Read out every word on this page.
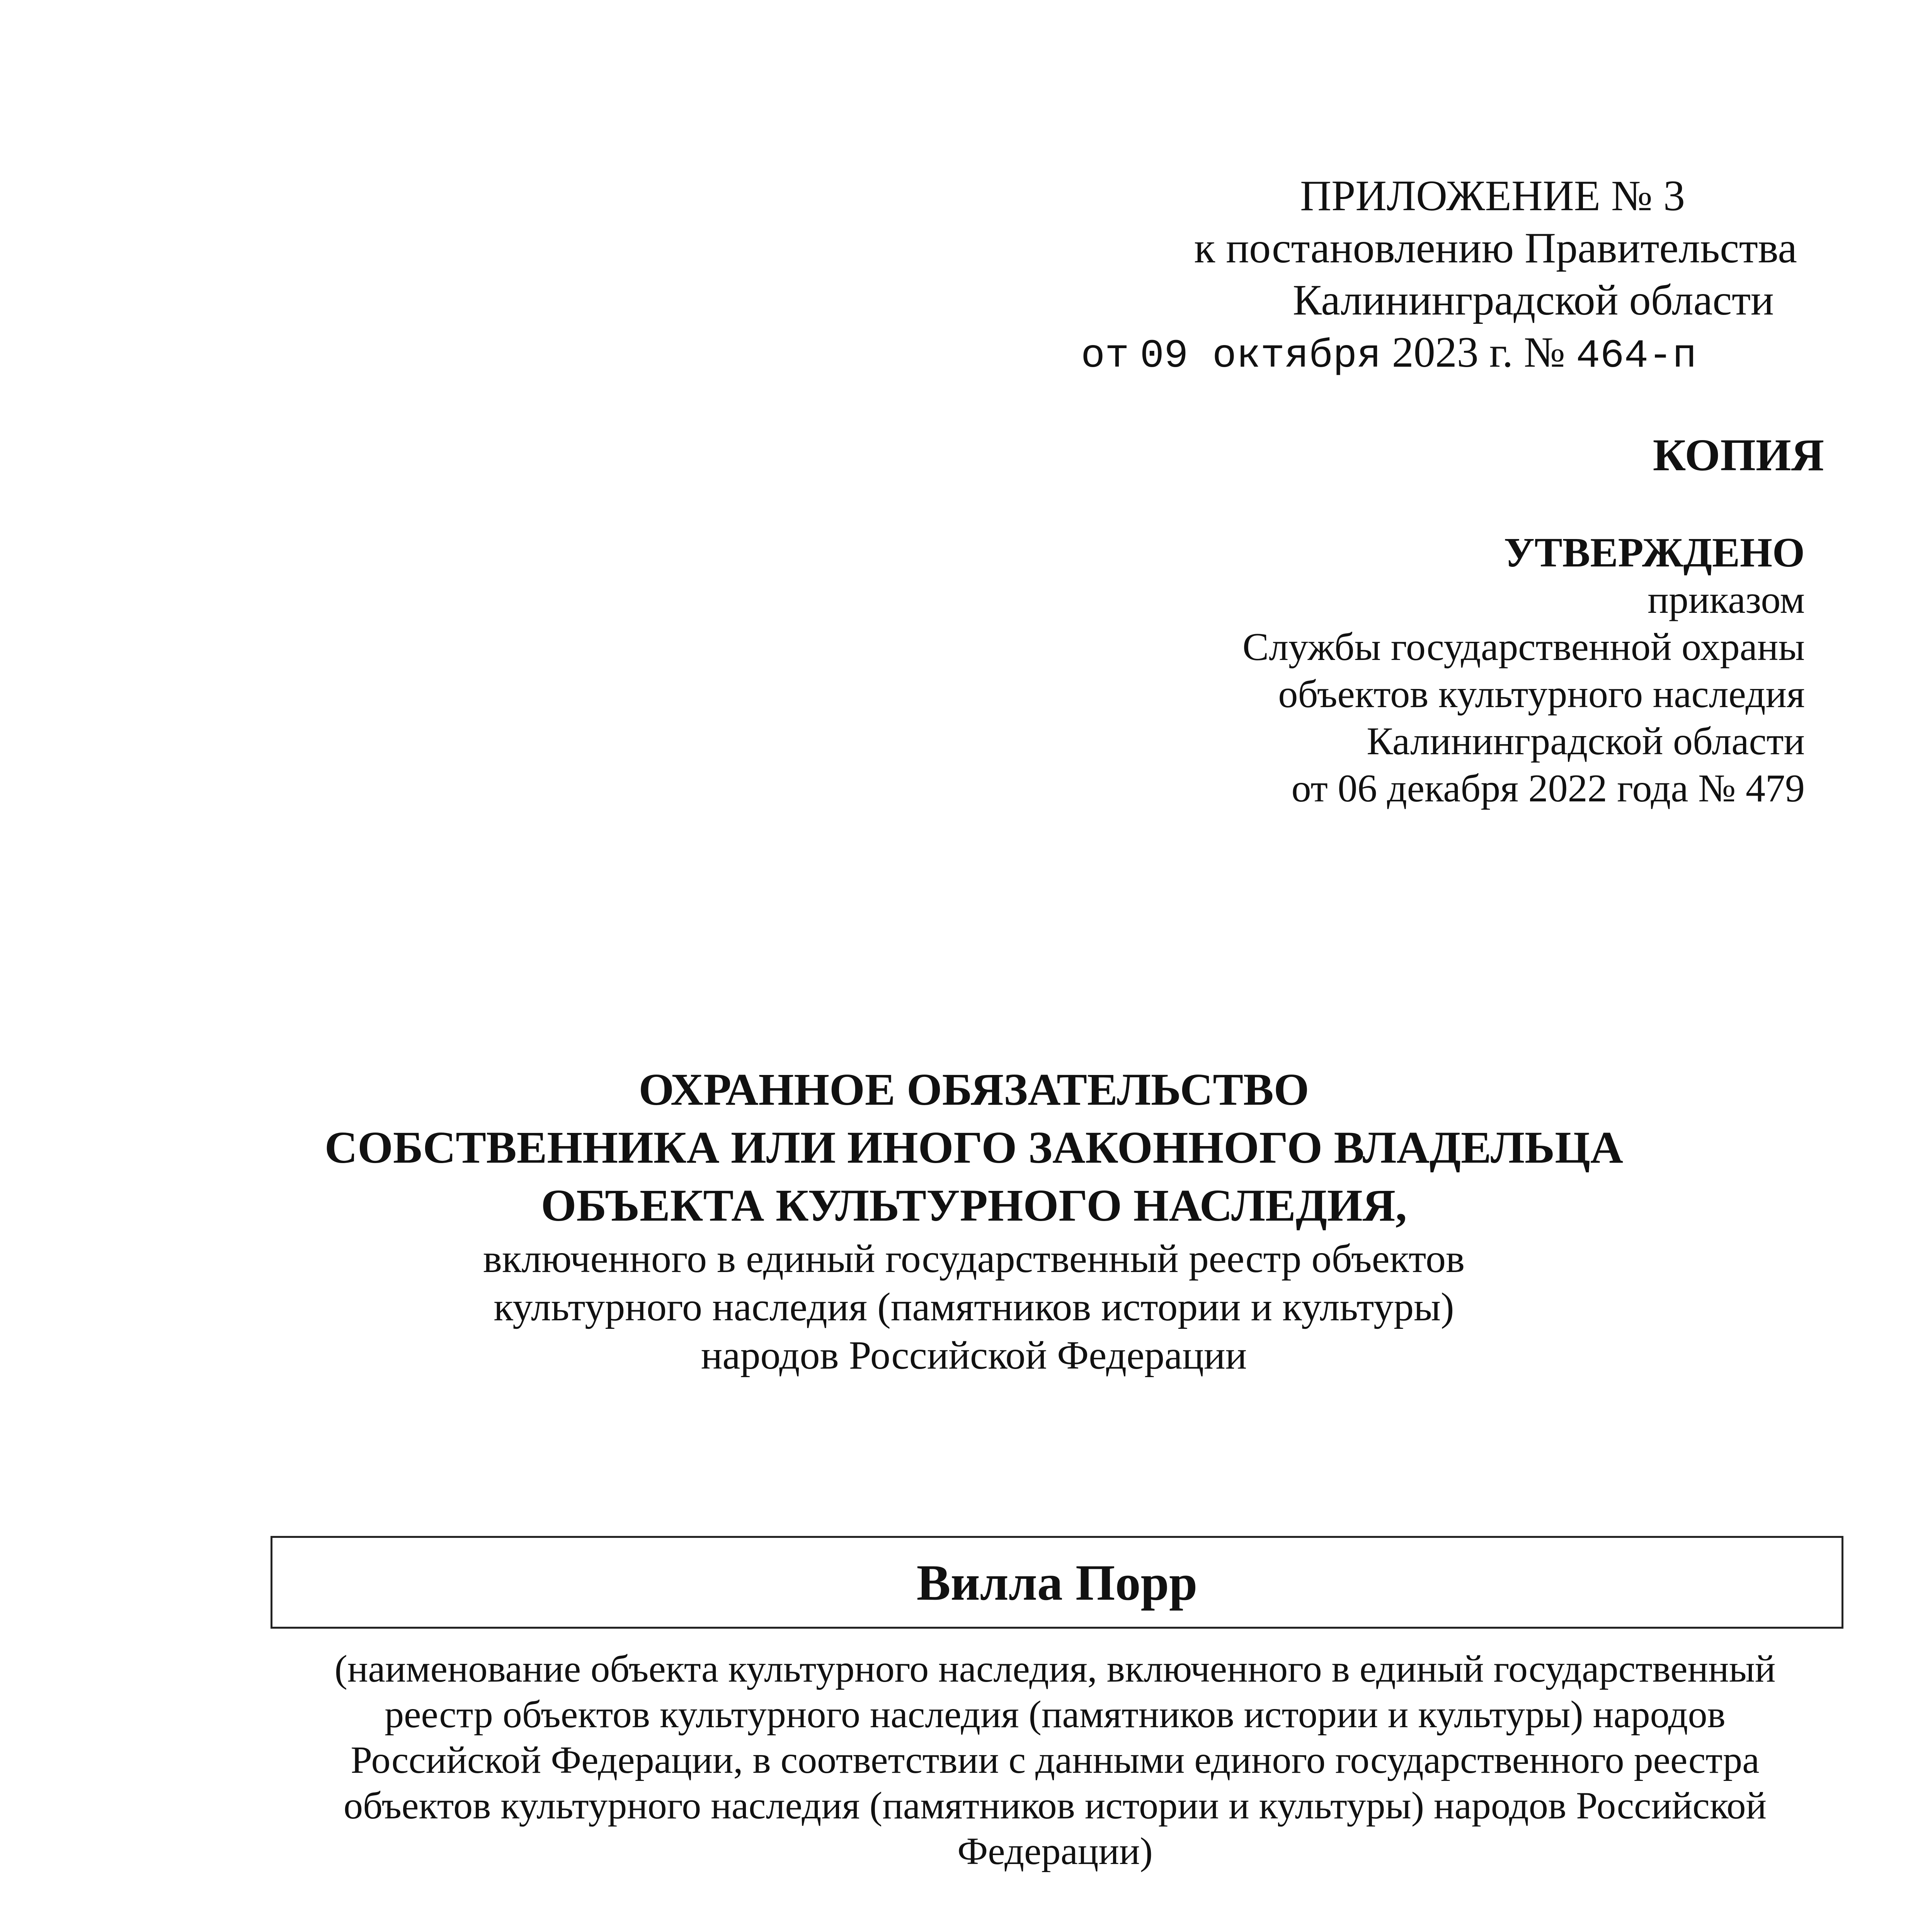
ПРИЛОЖЕНИЕ № 3
к постановлению Правительства
Калининградской области
от 09 октября 2023 г. № 464-п
КОПИЯ
УТВЕРЖДЕНО
приказом
Службы государственной охраны
объектов культурного наследия
Калининградской области
от 06 декабря 2022 года № 479
ОХРАННОЕ ОБЯЗАТЕЛЬСТВО
СОБСТВЕННИКА ИЛИ ИНОГО ЗАКОННОГО ВЛАДЕЛЬЦА
ОБЪЕКТА КУЛЬТУРНОГО НАСЛЕДИЯ,
включенного в единый государственный реестр объектов
культурного наследия (памятников истории и культуры)
народов Российской Федерации
Вилла Порр
(наименование объекта культурного наследия, включенного в единый государственный
реестр объектов культурного наследия (памятников истории и культуры) народов
Российской Федерации, в соответствии с данными единого государственного реестра
объектов культурного наследия (памятников истории и культуры) народов Российской
Федерации)
